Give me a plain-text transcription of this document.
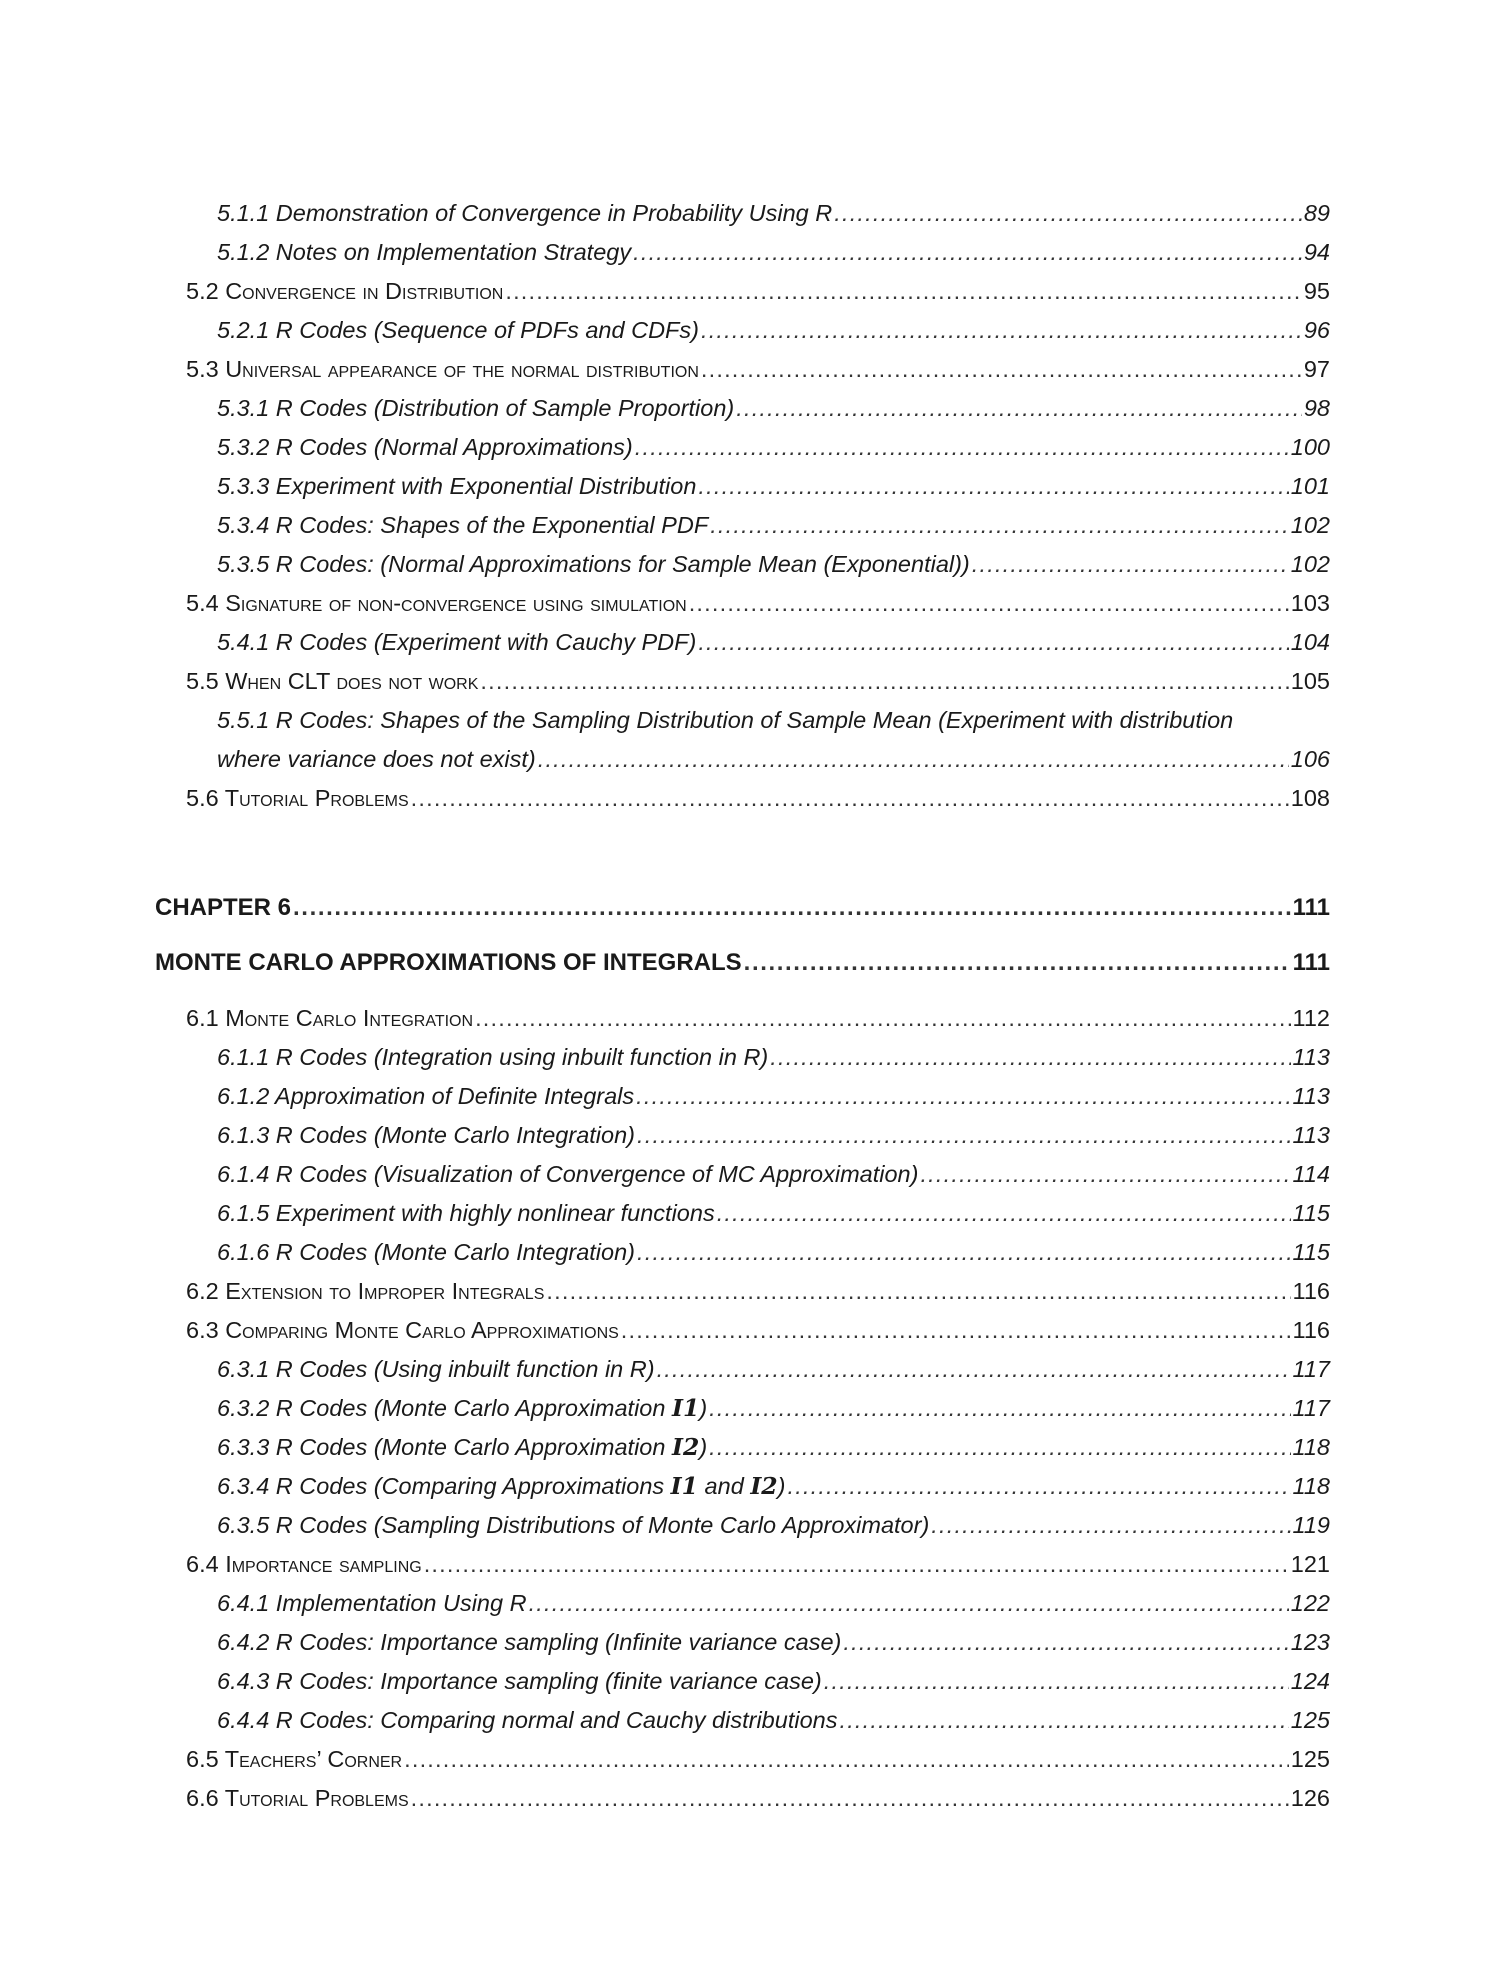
5.1.1 Demonstration of Convergence in Probability Using R .....	89
5.1.2 Notes on Implementation Strategy .....	94
5.2 Convergence in Distribution .....	95
5.2.1 R Codes (Sequence of PDFs and CDFs) .....	96
5.3 Universal appearance of the normal distribution .....	97
5.3.1 R Codes (Distribution of Sample Proportion) .....	98
5.3.2 R Codes (Normal Approximations) .....	100
5.3.3 Experiment with Exponential Distribution .....	101
5.3.4 R Codes: Shapes of the Exponential PDF .....	102
5.3.5 R Codes: (Normal Approximations for Sample Mean (Exponential)) .....	102
5.4 Signature of non-convergence using simulation .....	103
5.4.1 R Codes (Experiment with Cauchy PDF) .....	104
5.5 When CLT does not work .....	105
5.5.1 R Codes: Shapes of the Sampling Distribution of Sample Mean (Experiment with distribution
where variance does not exist) .....	106
5.6 Tutorial Problems .....	108
CHAPTER 6 .....	111
MONTE CARLO APPROXIMATIONS OF INTEGRALS .....	111
6.1 Monte Carlo Integration .....	112
6.1.1 R Codes (Integration using inbuilt function in R) .....	113
6.1.2 Approximation of Definite Integrals .....	113
6.1.3 R Codes (Monte Carlo Integration) .....	113
6.1.4 R Codes (Visualization of Convergence of MC Approximation) .....	114
6.1.5 Experiment with highly nonlinear functions .....	115
6.1.6 R Codes (Monte Carlo Integration) .....	115
6.2 Extension to Improper Integrals .....	116
6.3 Comparing Monte Carlo Approximations .....	116
6.3.1 R Codes (Using inbuilt function in R) .....	117
6.3.2 R Codes (Monte Carlo Approximation I1) .....	117
6.3.3 R Codes (Monte Carlo Approximation I2) .....	118
6.3.4 R Codes (Comparing Approximations I1 and I2) .....	118
6.3.5 R Codes (Sampling Distributions of Monte Carlo Approximator) .....	119
6.4 Importance sampling .....	121
6.4.1 Implementation Using R .....	122
6.4.2 R Codes: Importance sampling (Infinite variance case) .....	123
6.4.3 R Codes: Importance sampling (finite variance case) .....	124
6.4.4 R Codes: Comparing normal and Cauchy distributions .....	125
6.5 Teachers’ Corner .....	125
6.6 Tutorial Problems .....	126
